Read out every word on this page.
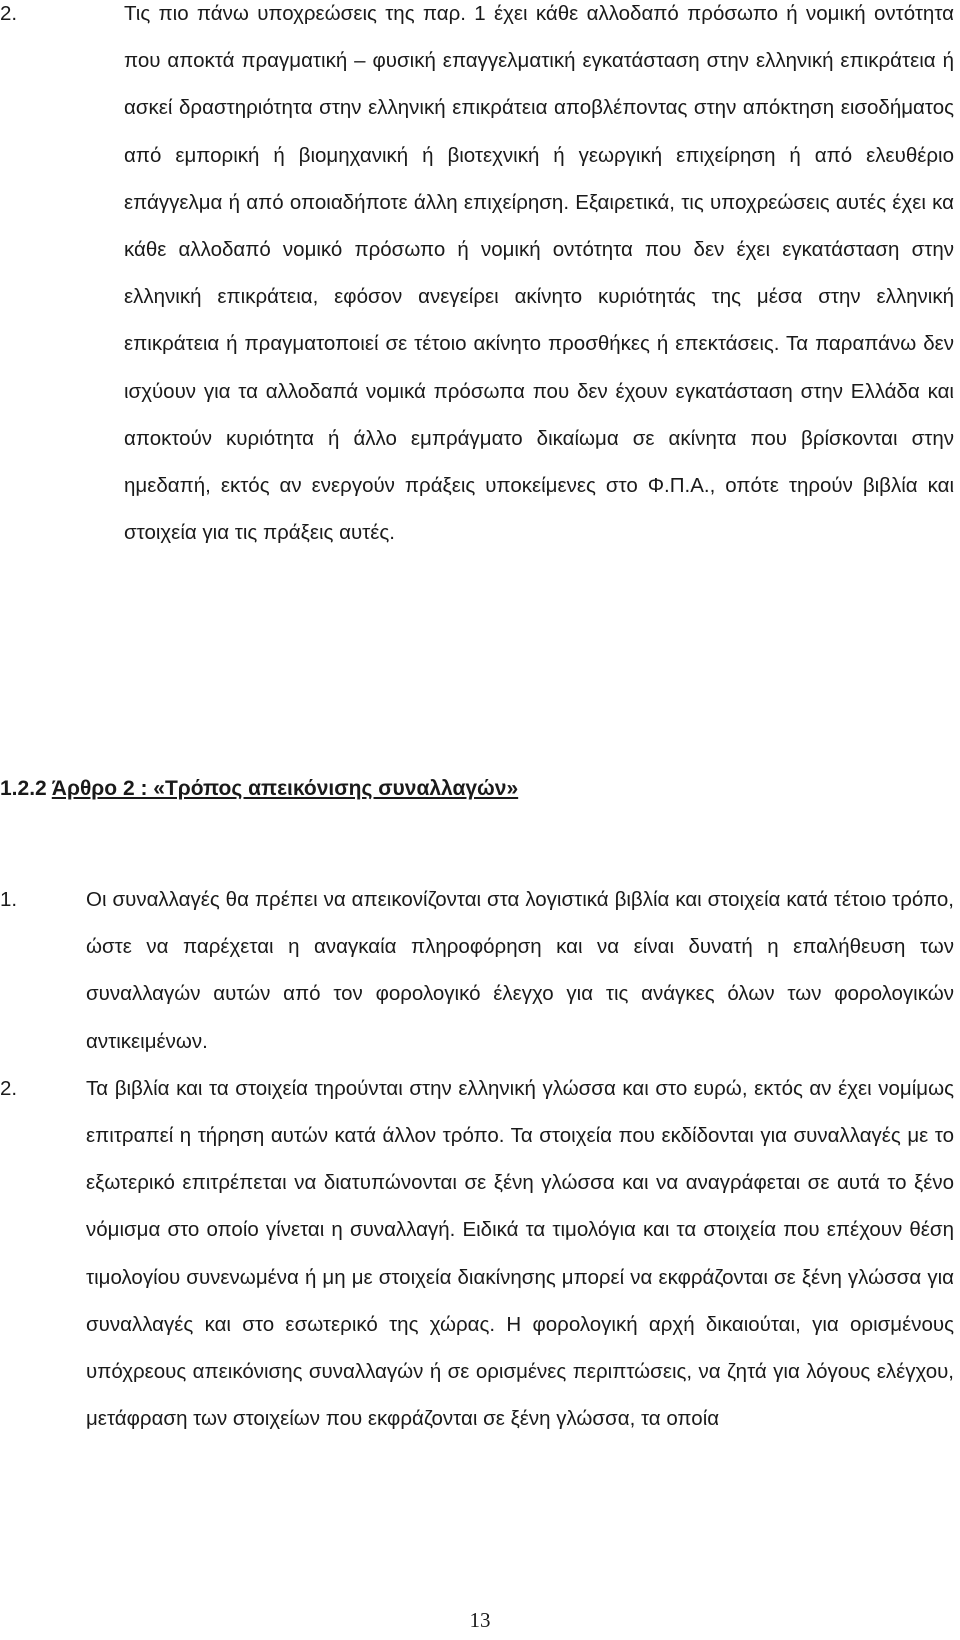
2.	Τις πιο πάνω υποχρεώσεις της παρ. 1 έχει κάθε αλλοδαπό πρόσωπο ή νομική οντότητα που αποκτά πραγματική – φυσική επαγγελματική εγκατάσταση στην ελληνική επικράτεια ή ασκεί δραστηριότητα στην ελληνική επικράτεια αποβλέποντας στην απόκτηση εισοδήματος από εμπορική ή βιομηχανική ή βιοτεχνική ή γεωργική επιχείρηση ή από ελευθέριο επάγγελμα ή από οποιαδήποτε άλλη επιχείρηση. Εξαιρετικά, τις υποχρεώσεις αυτές έχει κα κάθε αλλοδαπό νομικό πρόσωπο ή νομική οντότητα που δεν έχει εγκατάσταση στην ελληνική επικράτεια, εφόσον ανεγείρει ακίνητο κυριότητάς της μέσα στην ελληνική επικράτεια ή πραγματοποιεί σε τέτοιο ακίνητο προσθήκες ή επεκτάσεις. Τα παραπάνω δεν ισχύουν για τα αλλοδαπά νομικά πρόσωπα που δεν έχουν εγκατάσταση στην Ελλάδα και αποκτούν κυριότητα ή άλλο εμπράγματο δικαίωμα σε ακίνητα που βρίσκονται στην ημεδαπή, εκτός αν ενεργούν πράξεις υποκείμενες στο Φ.Π.Α., οπότε τηρούν βιβλία και στοιχεία για τις πράξεις αυτές.

1.2.2 Άρθρο 2 : «Τρόπος απεικόνισης συναλλαγών»

1.	Οι συναλλαγές θα πρέπει να απεικονίζονται στα λογιστικά βιβλία και στοιχεία κατά τέτοιο τρόπο, ώστε να παρέχεται η αναγκαία πληροφόρηση και να είναι δυνατή η επαλήθευση των συναλλαγών αυτών από τον φορολογικό έλεγχο για τις ανάγκες όλων των φορολογικών αντικειμένων.

2.	Τα βιβλία και τα στοιχεία τηρούνται στην ελληνική γλώσσα και στο ευρώ, εκτός αν έχει νομίμως επιτραπεί η τήρηση αυτών κατά άλλον τρόπο. Τα στοιχεία που εκδίδονται για συναλλαγές με το εξωτερικό επιτρέπεται να διατυπώνονται σε ξένη γλώσσα και να αναγράφεται σε αυτά το ξένο νόμισμα στο οποίο γίνεται η συναλλαγή. Ειδικά τα τιμολόγια και τα στοιχεία που επέχουν θέση τιμολογίου συνενωμένα ή μη με στοιχεία διακίνησης μπορεί να εκφράζονται σε ξένη γλώσσα για συναλλαγές και στο εσωτερικό της χώρας. Η φορολογική αρχή δικαιούται, για ορισμένους υπόχρεους απεικόνισης συναλλαγών ή σε ορισμένες περιπτώσεις, να ζητά για λόγους ελέγχου, μετάφραση των στοιχείων που εκφράζονται σε ξένη γλώσσα, τα οποία

13
